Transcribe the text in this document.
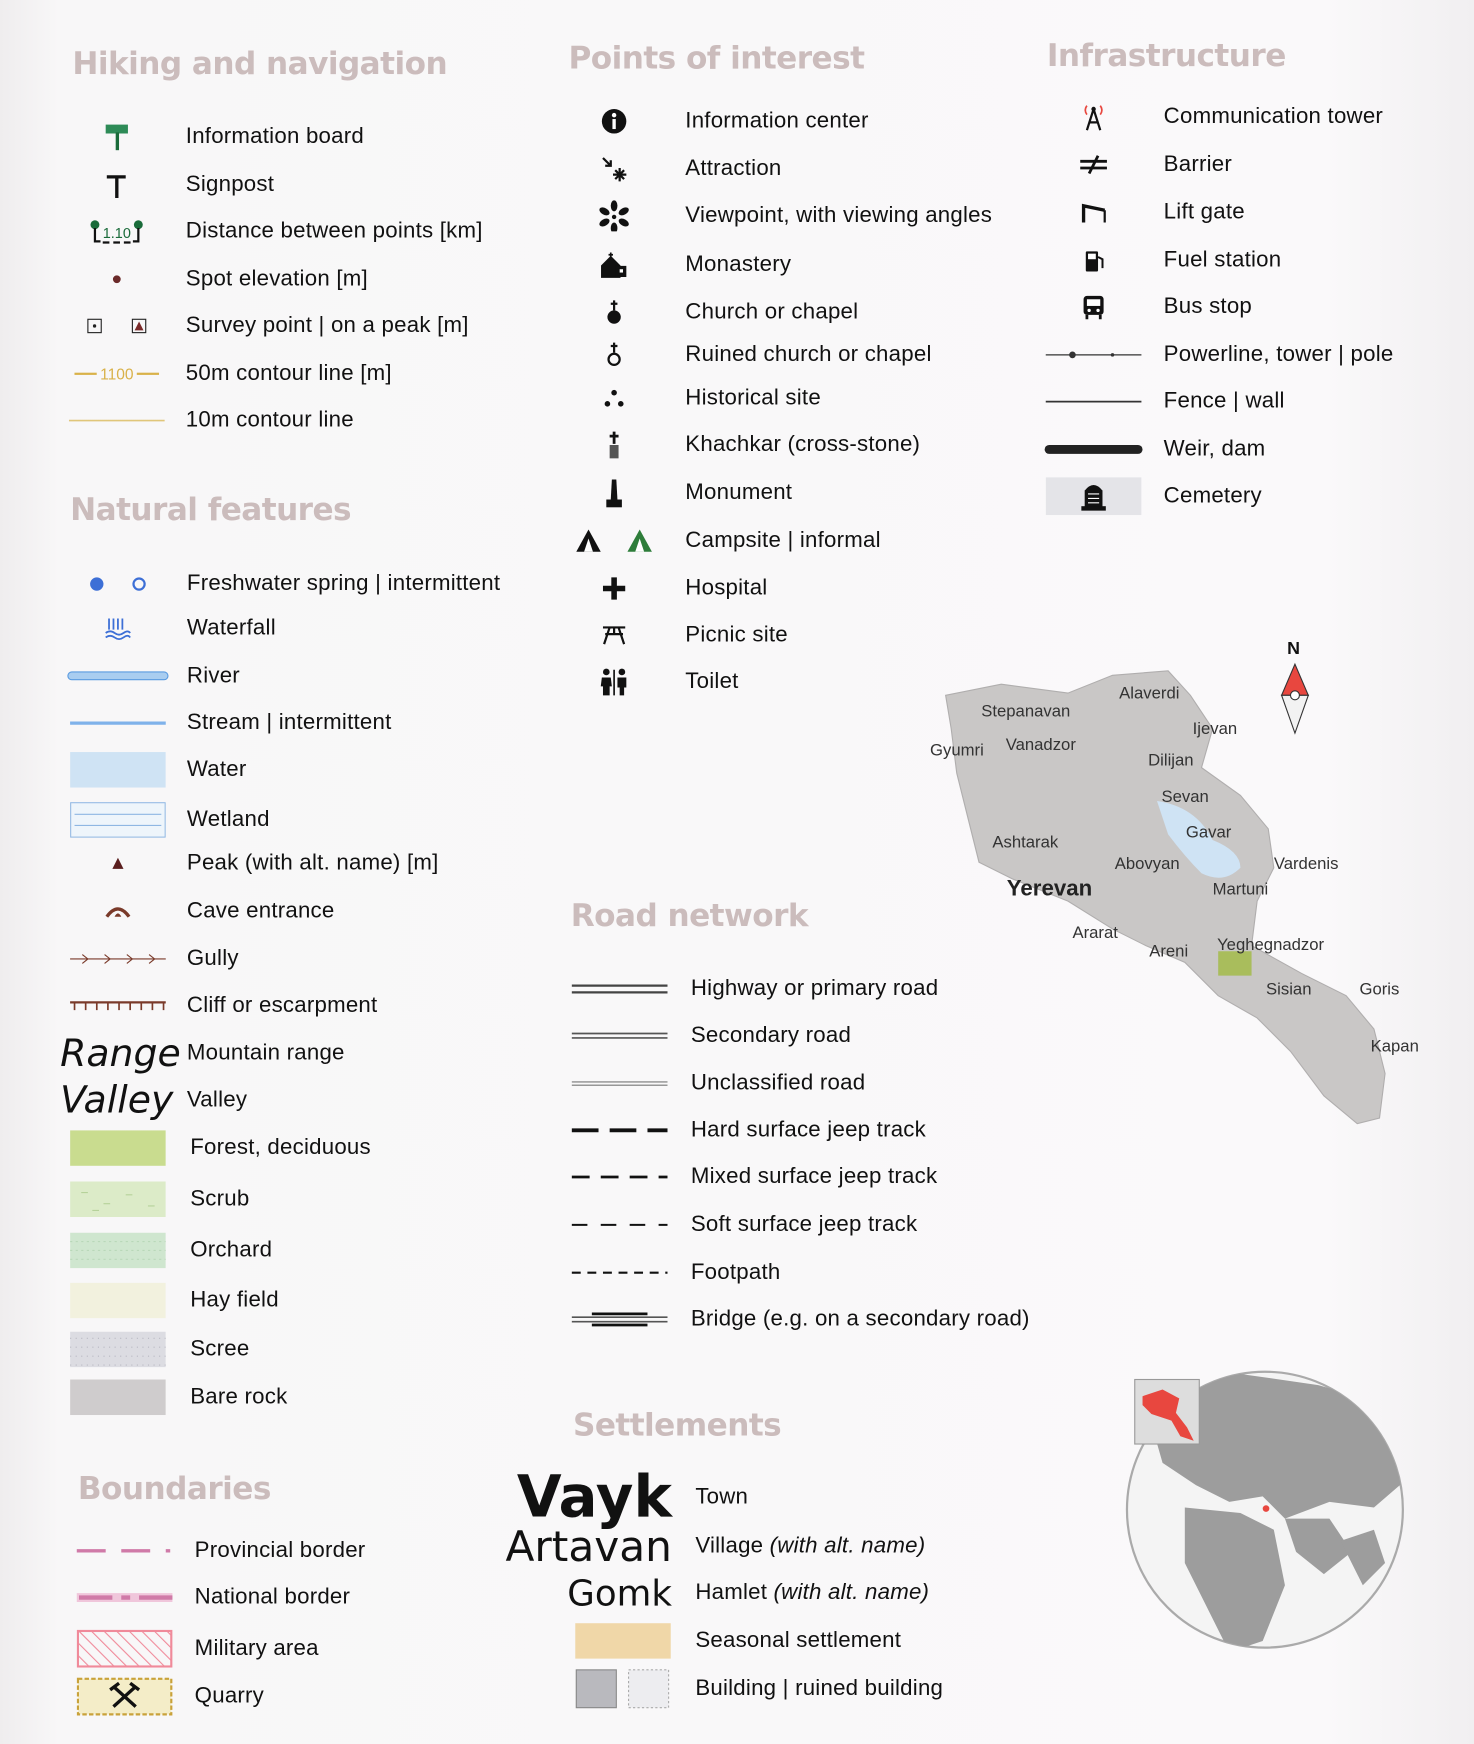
Hiking and navigation
Information board
Signpost
1.10	Distance between points [km]
Spot elevation [m]
Survey point | on a peak [m]
1100	50m contour line [m]
10m contour line
Natural features
Freshwater spring | intermittent
Waterfall
River
Stream | intermittent
Water
Wetland
Peak (with alt. name) [m]
Cave entrance
Gully
Cliff or escarpment
Range Mountain range
Valley Valley
Forest, deciduous
Scrub
Orchard
Hay field
Scree
Bare rock
Boundaries
Provincial border
National border
Military area
Quarry
Points of interest
Information center
Attraction
Viewpoint, with viewing angles
Monastery
Church or chapel
Ruined church or chapel
Historical site
Khachkar (cross-stone)
Monument
Campsite | informal
Hospital
Picnic site
Toilet
Road network
Highway or primary road
Secondary road
Unclassified road
Hard surface jeep track
Mixed surface jeep track
Soft surface jeep track
Footpath
Bridge (e.g. on a secondary road)
Settlements
Vayk Town
Artavan Village (with alt. name)
Gomk Hamlet (with alt. name)
Seasonal settlement
Building | ruined building
Infrastructure
Communication tower
Barrier
Lift gate
Fuel station
Bus stop
Powerline, tower | pole
Fence | wall
Weir, dam
Cemetery
N
Alaverdi
Stepanavan
Ijevan
Gyumri Vanadzor
Dilijan
Sevan
Gavar
Ashtarak
Abovyan	Vardenis
Yerevan	Martuni
Ararat
Areni Yeghegnadzor
Sisian	Goris
Kapan
